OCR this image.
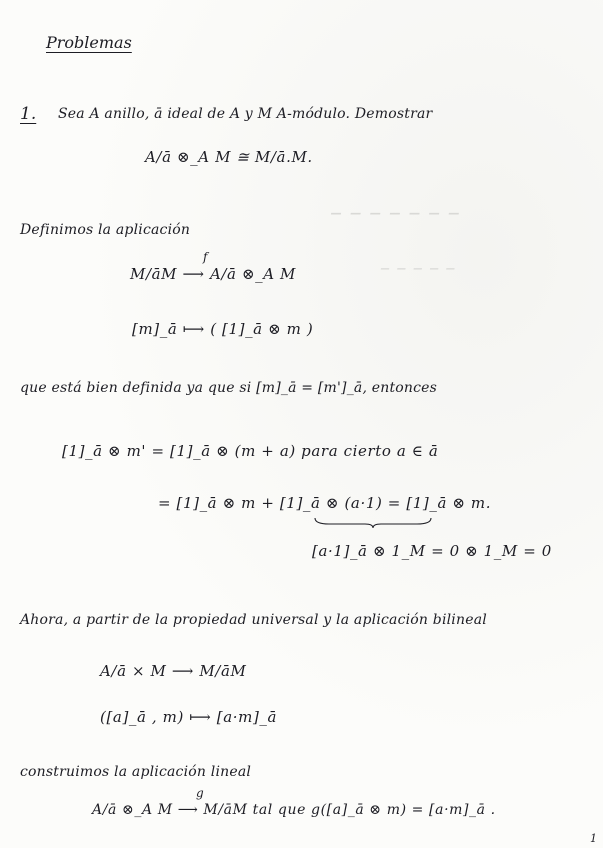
– – – – – – –
– – – – –
Problemas
1. Sea A anillo, ā ideal de A y M A-módulo. Demostrar
A/ā ⊗_A M ≅ M/ā.M.
Definimos la aplicación
f
M/āM ⟶ A/ā ⊗_A M
[m]_ā ⟼ ( [1]_ā ⊗ m )
que está bien definida ya que si [m]_ā = [m']_ā, entonces
[1]_ā ⊗ m' = [1]_ā ⊗ (m + a) para cierto a ∈ ā
= [1]_ā ⊗ m + [1]_ā ⊗ (a·1) = [1]_ā ⊗ m.
[a·1]_ā ⊗ 1_M = 0 ⊗ 1_M = 0
Ahora, a partir de la propiedad universal y la aplicación bilineal
A/ā × M ⟶ M/āM
([a]_ā , m) ⟼ [a·m]_ā
construimos la aplicación lineal
g
A/ā ⊗_A M ⟶ M/āM tal que g([a]_ā ⊗ m) = [a·m]_ā .
1
